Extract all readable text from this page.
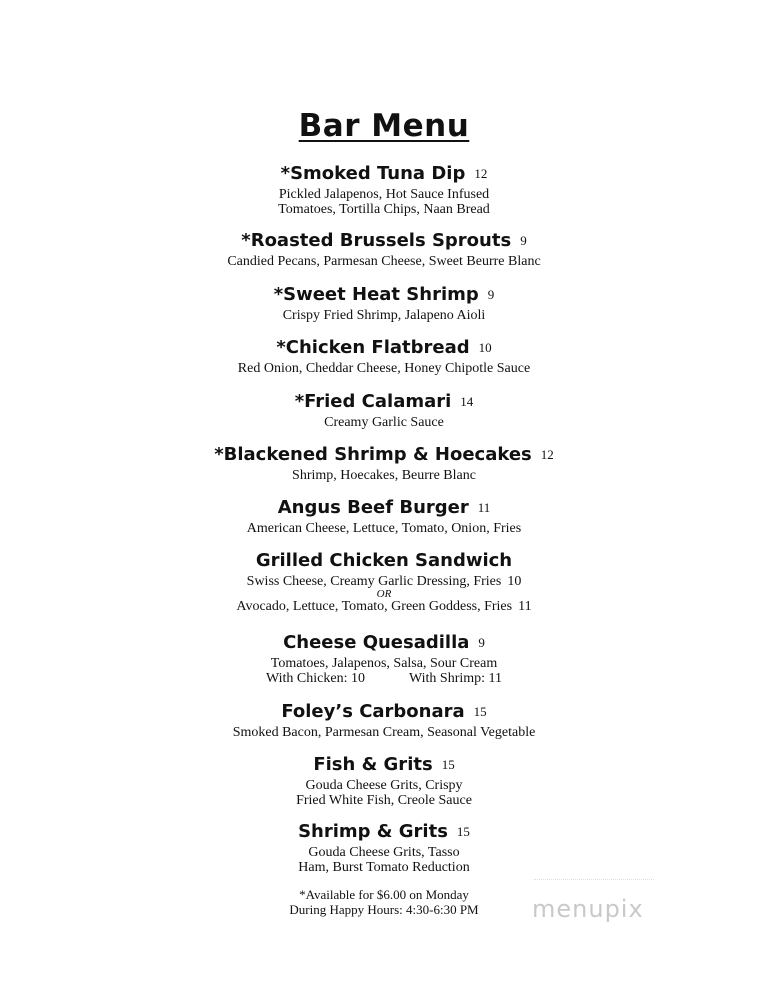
Bar Menu
*Smoked Tuna Dip 12
Pickled Jalapenos, Hot Sauce Infused
Tomatoes, Tortilla Chips, Naan Bread
*Roasted Brussels Sprouts 9
Candied Pecans, Parmesan Cheese, Sweet Beurre Blanc
*Sweet Heat Shrimp 9
Crispy Fried Shrimp, Jalapeno Aioli
*Chicken Flatbread 10
Red Onion, Cheddar Cheese, Honey Chipotle Sauce
*Fried Calamari 14
Creamy Garlic Sauce
*Blackened Shrimp & Hoecakes 12
Shrimp, Hoecakes, Beurre Blanc
Angus Beef Burger 11
American Cheese, Lettuce, Tomato, Onion, Fries
Grilled Chicken Sandwich
Swiss Cheese, Creamy Garlic Dressing, Fries 10
OR
Avocado, Lettuce, Tomato, Green Goddess, Fries 11
Cheese Quesadilla 9
Tomatoes, Jalapenos, Salsa, Sour Cream
With Chicken: 10	With Shrimp: 11
Foley’s Carbonara 15
Smoked Bacon, Parmesan Cream, Seasonal Vegetable
Fish & Grits 15
Gouda Cheese Grits, Crispy
Fried White Fish, Creole Sauce
Shrimp & Grits 15
Gouda Cheese Grits, Tasso
Ham, Burst Tomato Reduction
*Available for $6.00 on Monday
During Happy Hours: 4:30-6:30 PM	menupix
